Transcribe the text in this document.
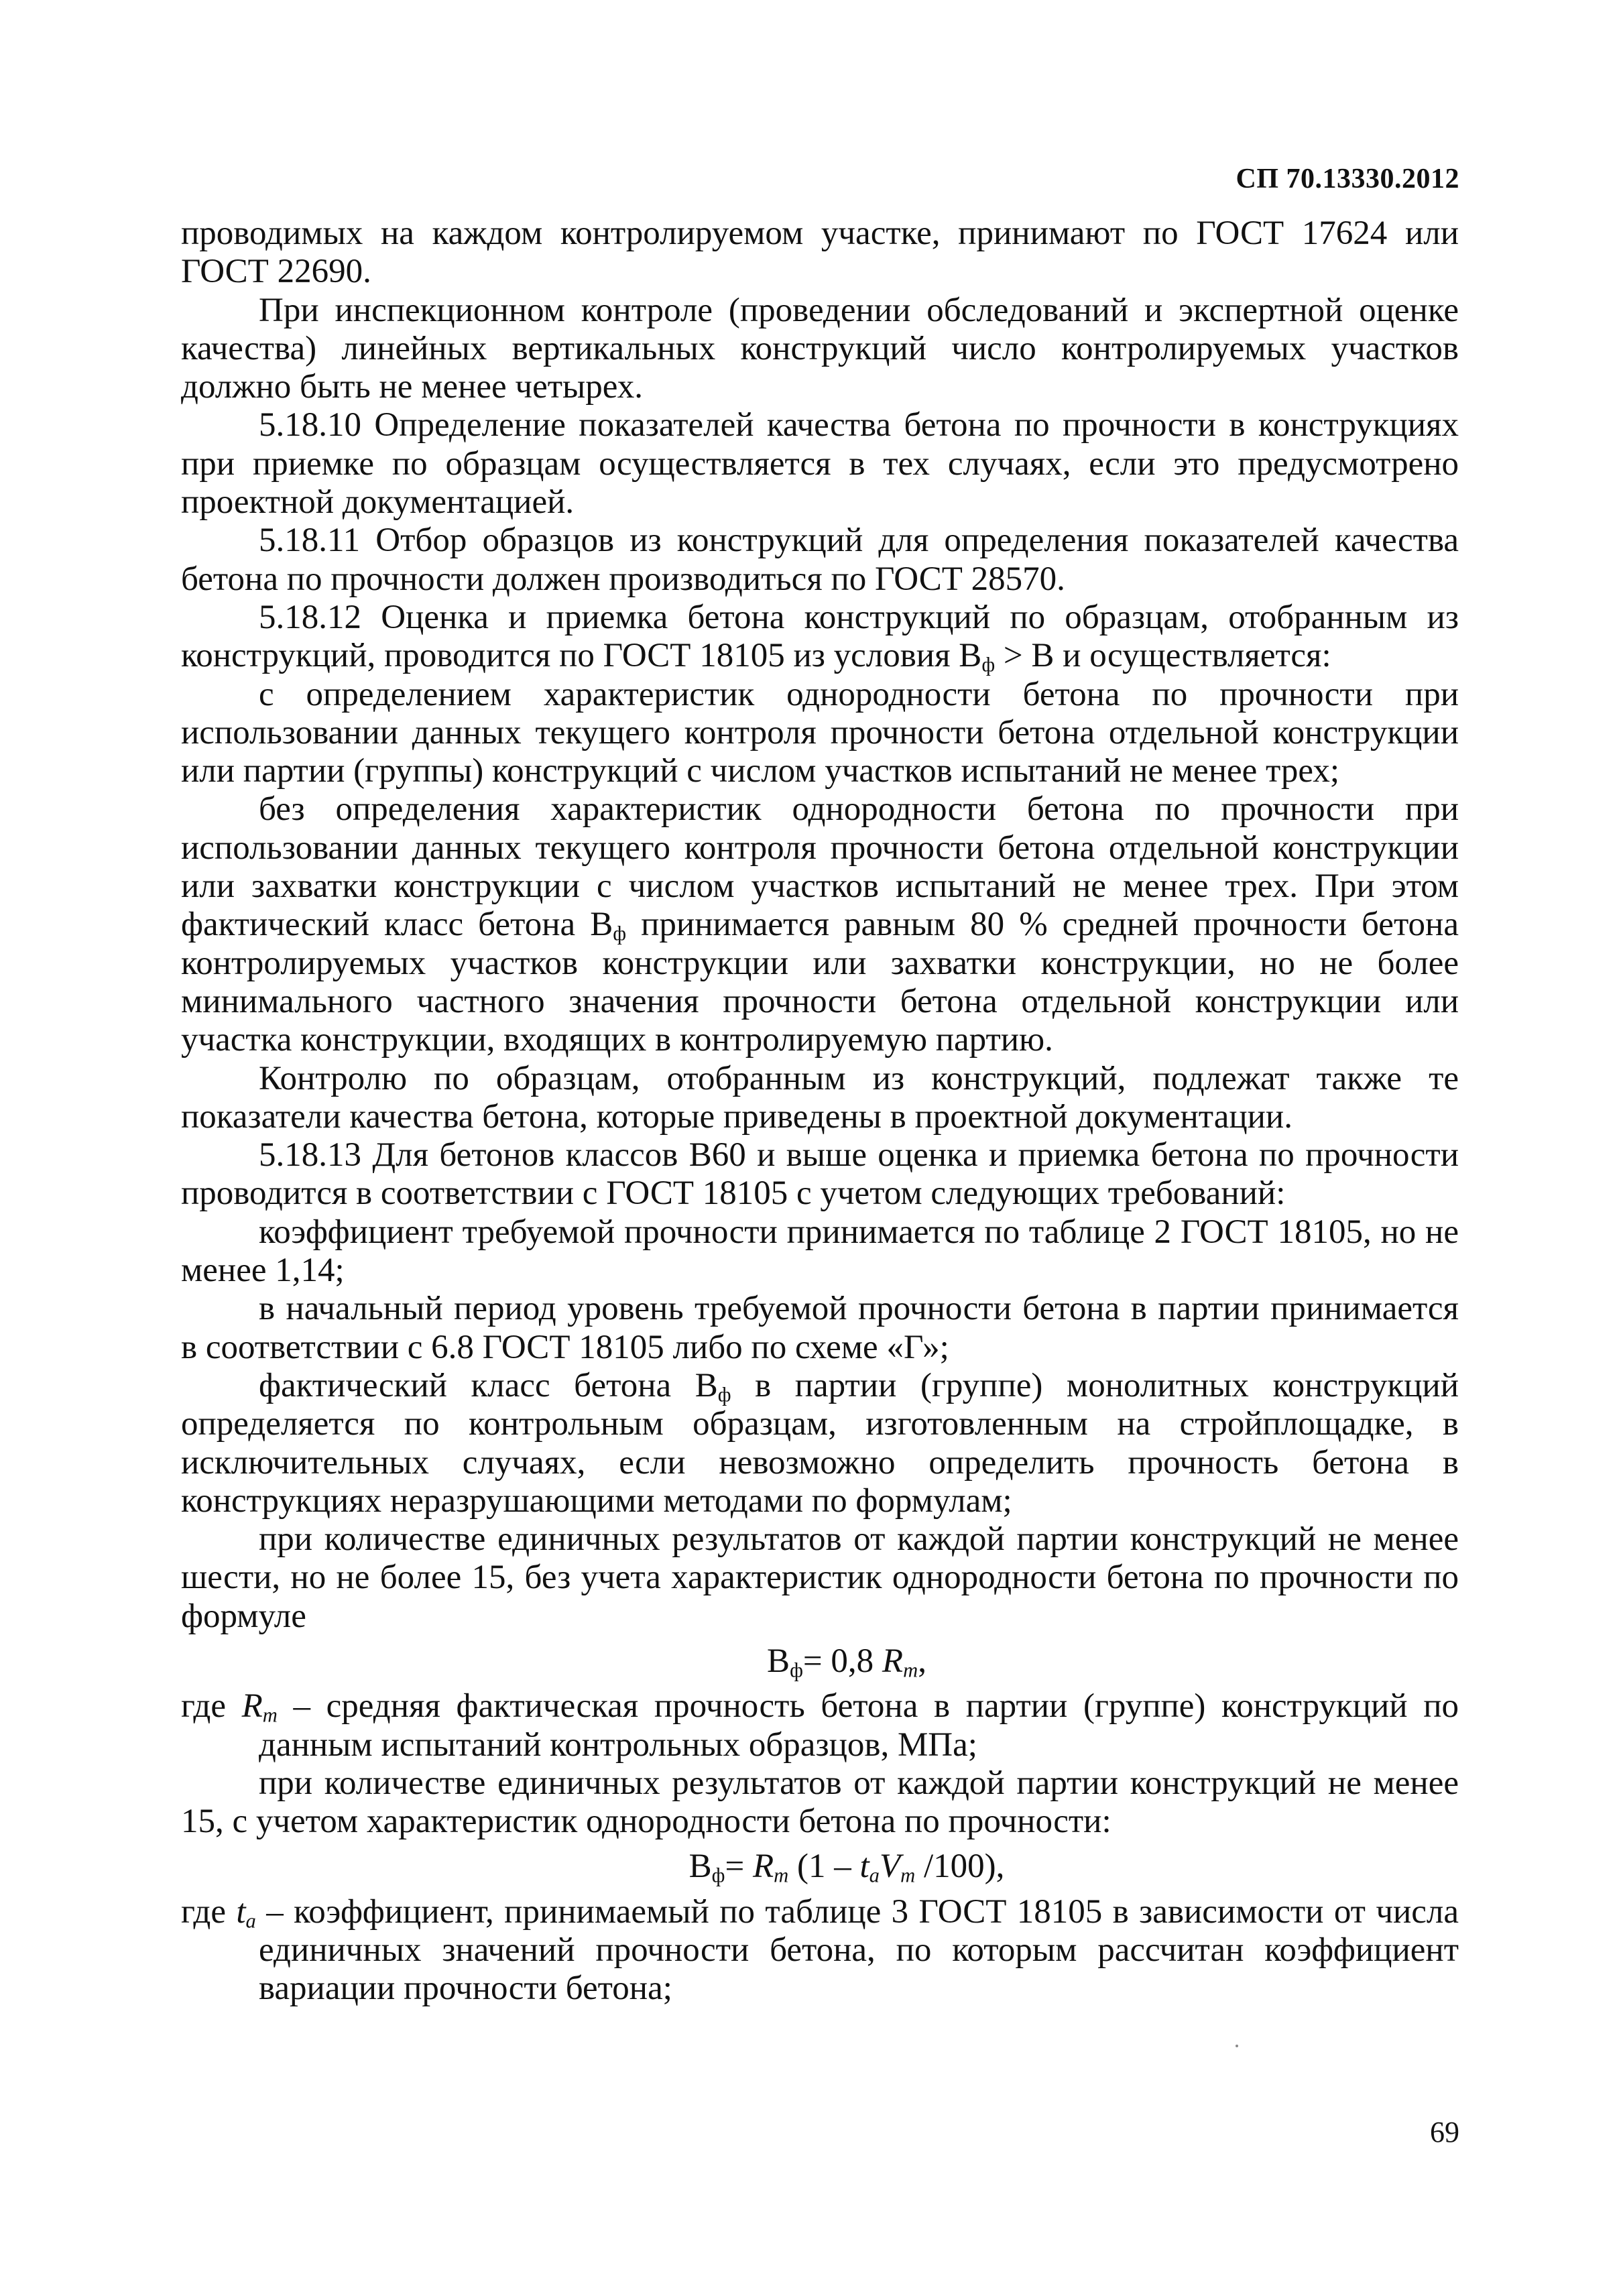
СП 70.13330.2012

проводимых на каждом контролируемом участке, принимают по ГОСТ 17624 или ГОСТ 22690.

При инспекционном контроле (проведении обследований и экспертной оценке качества) линейных вертикальных конструкций число контролируемых участков должно быть не менее четырех.

5.18.10 Определение показателей качества бетона по прочности в конструкциях при приемке по образцам осуществляется в тех случаях, если это предусмотрено проектной документацией.

5.18.11 Отбор образцов из конструкций для определения показателей качества бетона по прочности должен производиться по ГОСТ 28570.

5.18.12 Оценка и приемка бетона конструкций по образцам, отобранным из конструкций, проводится по ГОСТ 18105 из условия $В_ф > В$ и осуществляется:

с определением характеристик однородности бетона по прочности при использовании данных текущего контроля прочности бетона отдельной конструкции или партии (группы) конструкций с числом участков испытаний не менее трех;

без определения характеристик однородности бетона по прочности при использовании данных текущего контроля прочности бетона отдельной конструкции или захватки конструкции с числом участков испытаний не менее трех. При этом фактический класс бетона $В_ф$ принимается равным 80 % средней прочности бетона контролируемых участков конструкции или захватки конструкции, но не более минимального частного значения прочности бетона отдельной конструкции или участка конструкции, входящих в контролируемую партию.

Контролю по образцам, отобранным из конструкций, подлежат также те показатели качества бетона, которые приведены в проектной документации.

5.18.13 Для бетонов классов В60 и выше оценка и приемка бетона по прочности проводится в соответствии с ГОСТ 18105 с учетом следующих требований:

коэффициент требуемой прочности принимается по таблице 2 ГОСТ 18105, но не менее 1,14;

в начальный период уровень требуемой прочности бетона в партии принимается в соответствии с 6.8 ГОСТ 18105 либо по схеме «Г»;

фактический класс бетона $В_ф$ в партии (группе) монолитных конструкций определяется по контрольным образцам, изготовленным на стройплощадке, в исключительных случаях, если невозможно определить прочность бетона в конструкциях неразрушающими методами по формулам;

при количестве единичных результатов от каждой партии конструкций не менее шести, но не более 15, без учета характеристик однородности бетона по прочности по формуле

$В_ф= 0,8$ $R_m$,

где $R_m$ – средняя фактическая прочность бетона в партии (группе) конструкций по данным испытаний контрольных образцов, МПа;

при количестве единичных результатов от каждой партии конструкций не менее 15, с учетом характеристик однородности бетона по прочности:

$В_ф= R_m$ ($1 - t_aV_m$ /100),

где $t_a$ – коэффициент, принимаемый по таблице 3 ГОСТ 18105 в зависимости от числа единичных значений прочности бетона, по которым рассчитан коэффициент вариации прочности бетона;

69
